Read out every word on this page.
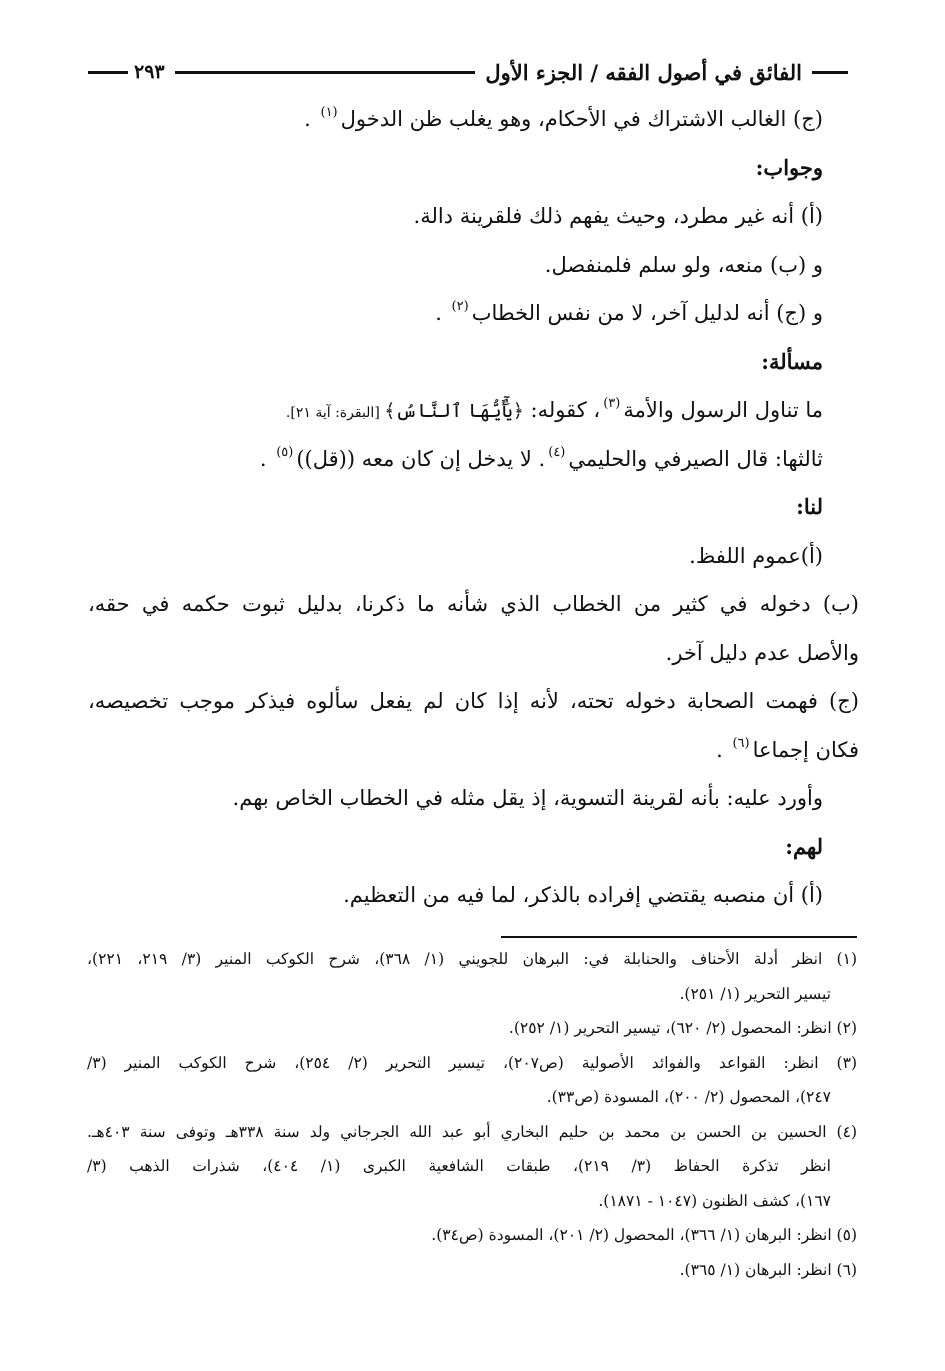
الفائق في أصول الفقه / الجزء الأول
٢٩٣
(ج) الغالب الاشتراك في الأحكام، وهو يغلب ظن الدخول$^{(١)}$ .
وجواب:
(أ) أنه غير مطرد، وحيث يفهم ذلك فلقرينة دالة.
و (ب) منعه، ولو سلم فلمنفصل.
و (ج) أنه لدليل آخر، لا من نفس الخطاب$^{(٢)}$ .
مسألة:
ما تناول الرسول والأمة$^{(٣)}$، كقوله: ﴿يَٰٓأَيُّهَا ٱلنَّاسُ﴾ [البقرة: آية ٢١].
ثالثها: قال الصيرفي والحليمي$^{(٤)}$. لا يدخل إن كان معه ((قل))$^{(٥)}$ .
لنا:
(أ)عموم اللفظ.
(ب) دخوله في كثير من الخطاب الذي شأنه ما ذكرنا، بدليل ثبوت حكمه في حقه،
والأصل عدم دليل آخر.
(ج) فهمت الصحابة دخوله تحته، لأنه إذا كان لم يفعل سألوه فيذكر موجب تخصيصه،
فكان إجماعا$^{(٦)}$ .
وأورد عليه: بأنه لقرينة التسوية، إذ يقل مثله في الخطاب الخاص بهم.
لهم:
(أ) أن منصبه يقتضي إفراده بالذكر، لما فيه من التعظيم.
(١) انظر أدلة الأحناف والحنابلة في: البرهان للجويني (١/ ٣٦٨)، شرح الكوكب المنير (٣/ ٢١٩، ٢٢١)،
تيسير التحرير (١/ ٢٥١).
(٢) انظر: المحصول (٢/ ٦٢٠)، تيسير التحرير (١/ ٢٥٢).
(٣) انظر: القواعد والفوائد الأصولية (ص٢٠٧)، تيسير التحرير (٢/ ٢٥٤)، شرح الكوكب المنير (٣/
٢٤٧)، المحصول (٢/ ٢٠٠)، المسودة (ص٣٣).
(٤) الحسين بن الحسن بن محمد بن حليم البخاري أبو عبد الله الجرجاني ولد سنة ٣٣٨هـ وتوفى سنة ٤٠٣هـ.
انظر تذكرة الحفاظ (٣/ ٢١٩)، طبقات الشافعية الكبرى (١/ ٤٠٤)، شذرات الذهب (٣/
١٦٧)، كشف الظنون (١٠٤٧ - ١٨٧١).
(٥) انظر: البرهان (١/ ٣٦٦)، المحصول (٢/ ٢٠١)، المسودة (ص٣٤).
(٦) انظر: البرهان (١/ ٣٦٥).
